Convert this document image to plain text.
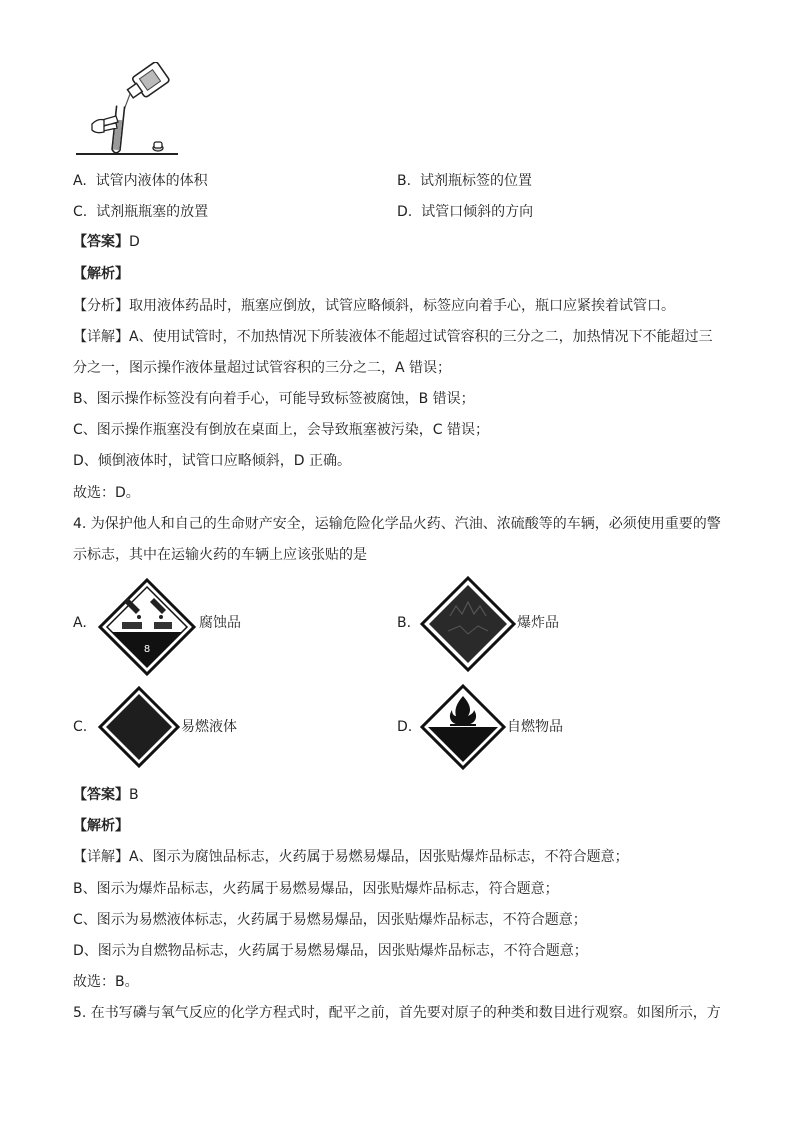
A. 试管内液体的体积	B. 试剂瓶标签的位置
C. 试剂瓶瓶塞的放置	D. 试管口倾斜的方向
【答案】D
【解析】
【分析】取用液体药品时，瓶塞应倒放，试管应略倾斜，标签应向着手心，瓶口应紧挨着试管口。
【详解】A、使用试管时，不加热情况下所装液体不能超过试管容积的三分之二，加热情况下不能超过三
分之一，图示操作液体量超过试管容积的三分之二，A 错误；
B、图示操作标签没有向着手心，可能导致标签被腐蚀，B 错误；
C、图示操作瓶塞没有倒放在桌面上，会导致瓶塞被污染，C 错误；
D、倾倒液体时，试管口应略倾斜，D 正确。
故选：D。
4. 为保护他人和自己的生命财产安全，运输危险化学品火药、汽油、浓硫酸等的车辆，必须使用重要的警
示标志，其中在运输火药的车辆上应该张贴的是
A.
8
腐蚀品	B.	爆炸品
C.	易燃液体	D.	自燃物品
【答案】B
【解析】
【详解】A、图示为腐蚀品标志，火药属于易燃易爆品，因张贴爆炸品标志，不符合题意；
B、图示为爆炸品标志，火药属于易燃易爆品，因张贴爆炸品标志，符合题意；
C、图示为易燃液体标志，火药属于易燃易爆品，因张贴爆炸品标志，不符合题意；
D、图示为自燃物品标志，火药属于易燃易爆品，因张贴爆炸品标志，不符合题意；
故选：B。
5. 在书写磷与氧气反应的化学方程式时，配平之前，首先要对原子的种类和数目进行观察。如图所示，方
